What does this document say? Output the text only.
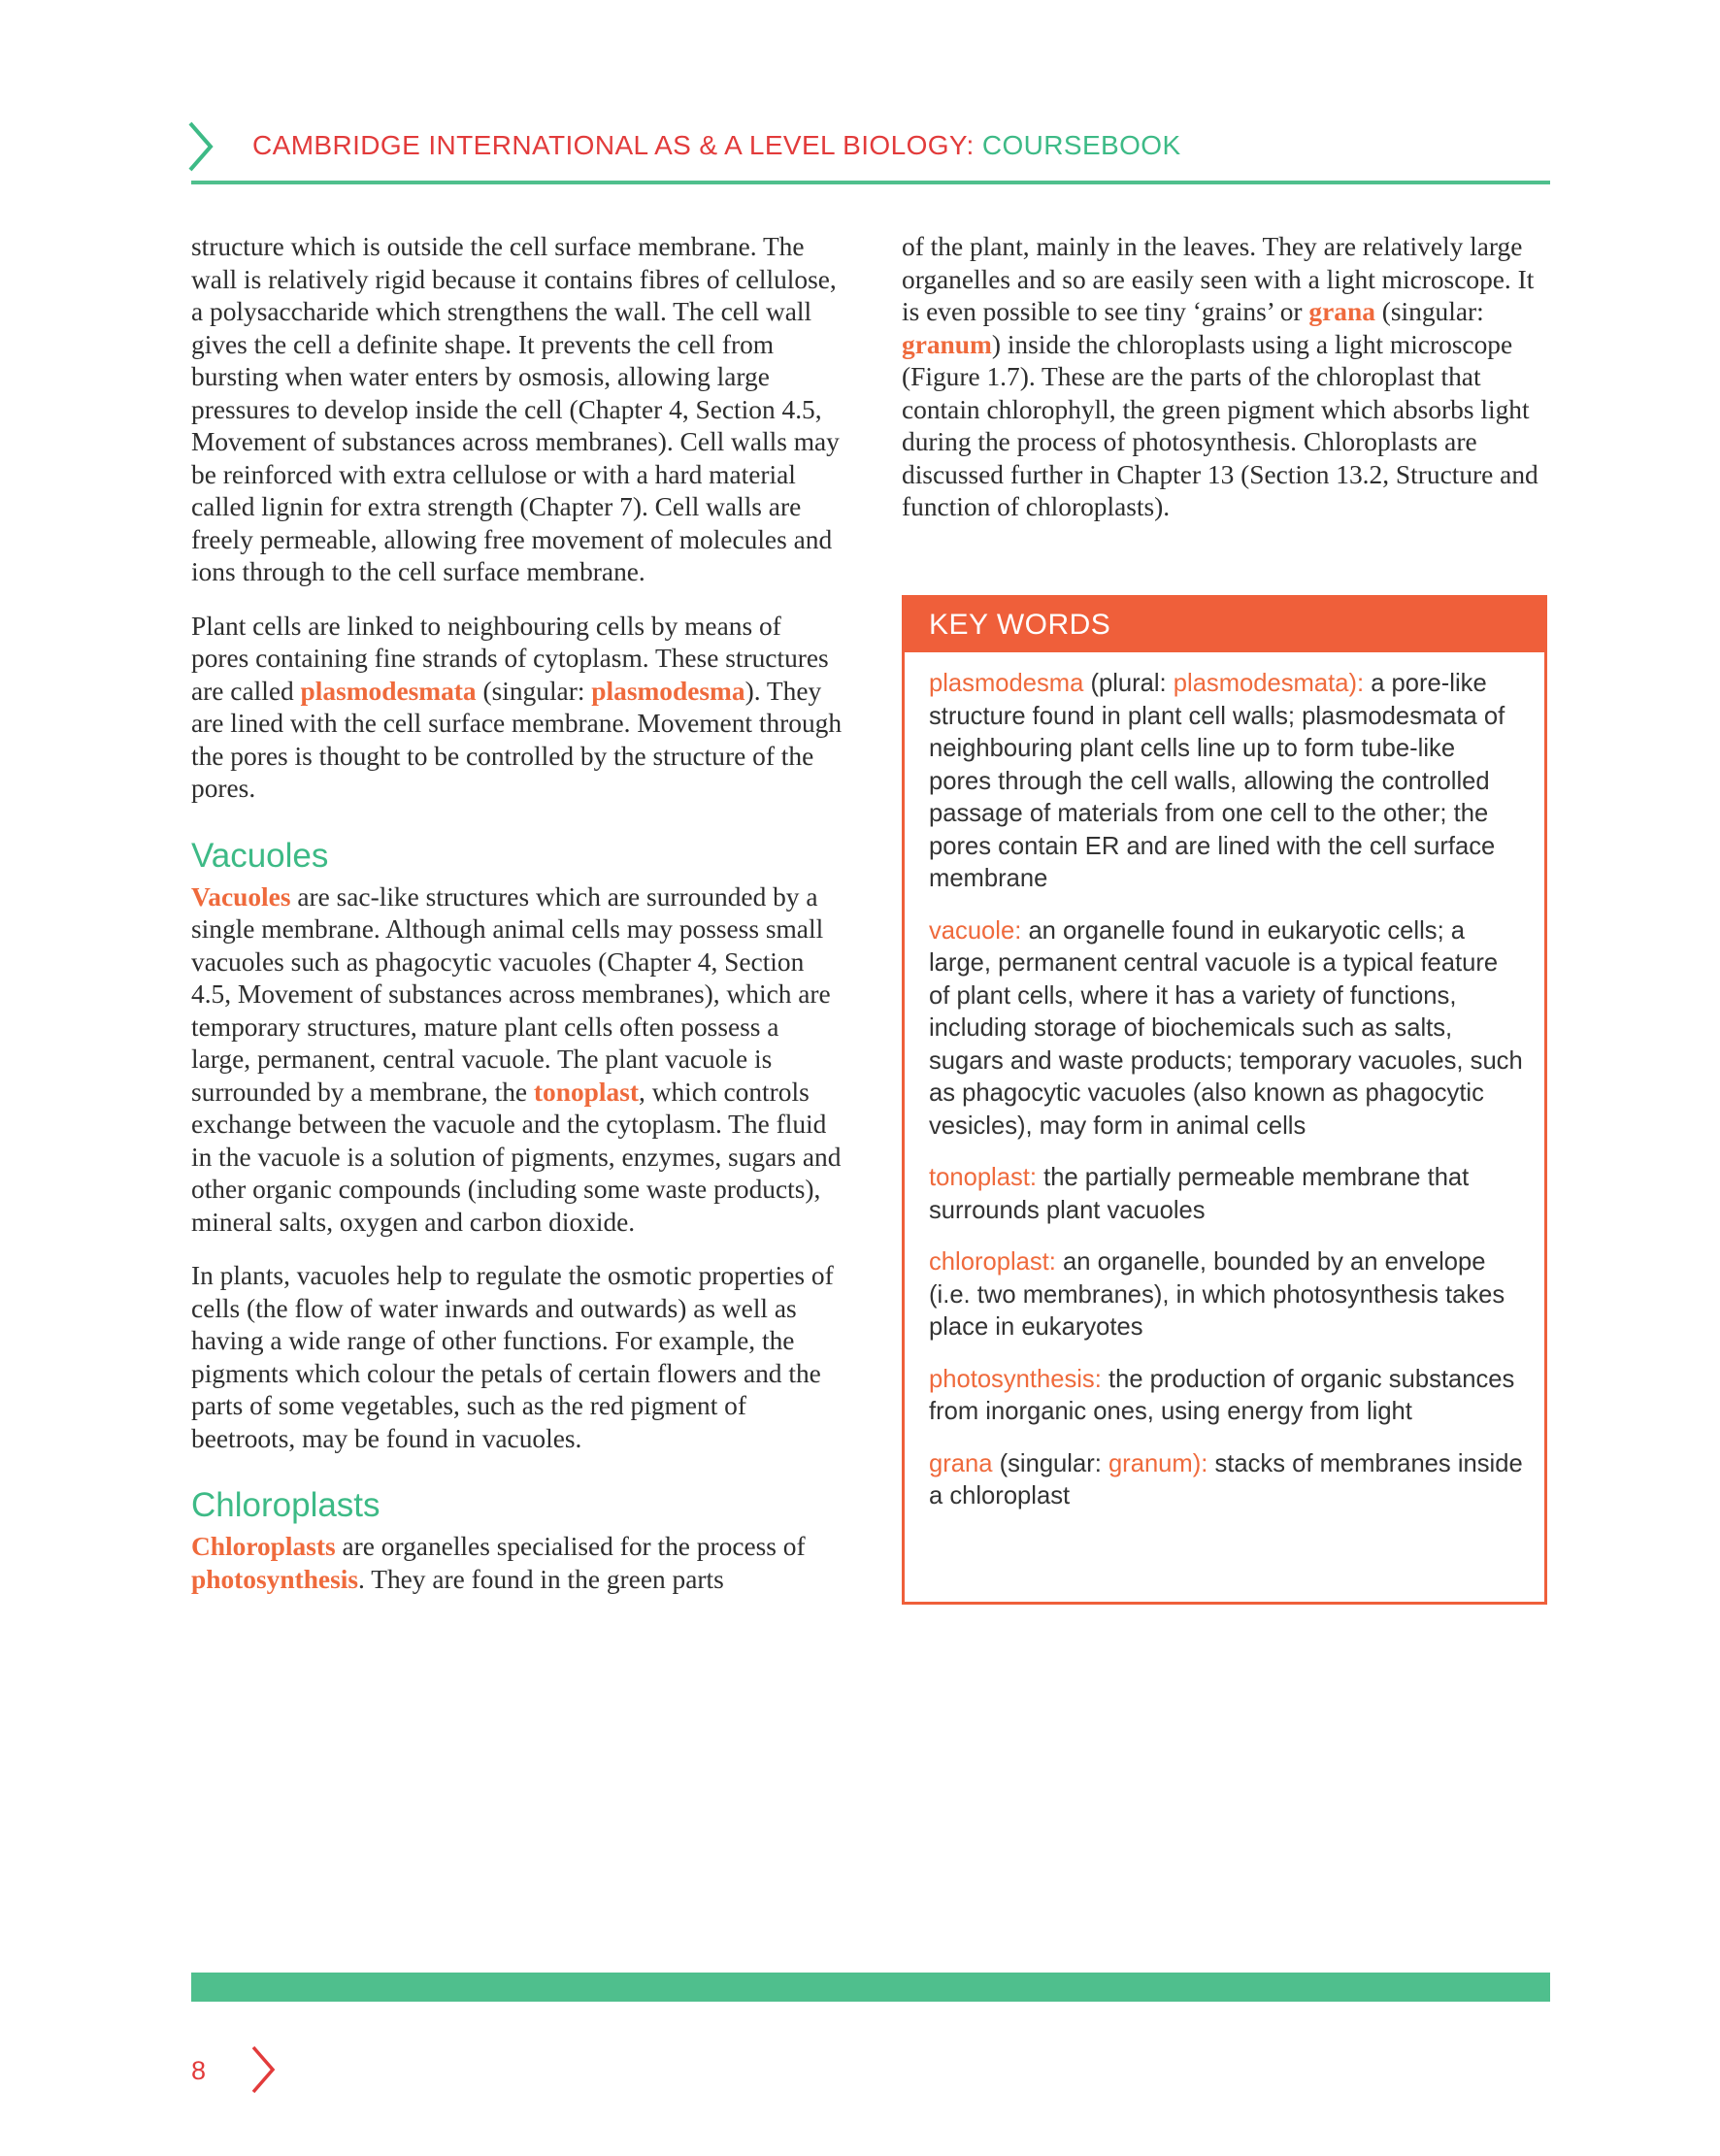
CAMBRIDGE INTERNATIONAL AS & A LEVEL BIOLOGY: COURSEBOOK

structure which is outside the cell surface membrane. The wall is relatively rigid because it contains fibres of cellulose, a polysaccharide which strengthens the wall. The cell wall gives the cell a definite shape. It prevents the cell from bursting when water enters by osmosis, allowing large pressures to develop inside the cell (Chapter 4, Section 4.5, Movement of substances across membranes). Cell walls may be reinforced with extra cellulose or with a hard material called lignin for extra strength (Chapter 7). Cell walls are freely permeable, allowing free movement of molecules and ions through to the cell surface membrane.

Plant cells are linked to neighbouring cells by means of pores containing fine strands of cytoplasm. These structures are called plasmodesmata (singular: plasmodesma). They are lined with the cell surface membrane. Movement through the pores is thought to be controlled by the structure of the pores.

Vacuoles

Vacuoles are sac-like structures which are surrounded by a single membrane. Although animal cells may possess small vacuoles such as phagocytic vacuoles (Chapter 4, Section 4.5, Movement of substances across membranes), which are temporary structures, mature plant cells often possess a large, permanent, central vacuole. The plant vacuole is surrounded by a membrane, the tonoplast, which controls exchange between the vacuole and the cytoplasm. The fluid in the vacuole is a solution of pigments, enzymes, sugars and other organic compounds (including some waste products), mineral salts, oxygen and carbon dioxide.

In plants, vacuoles help to regulate the osmotic properties of cells (the flow of water inwards and outwards) as well as having a wide range of other functions. For example, the pigments which colour the petals of certain flowers and the parts of some vegetables, such as the red pigment of beetroots, may be found in vacuoles.

Chloroplasts

Chloroplasts are organelles specialised for the process of photosynthesis. They are found in the green parts

of the plant, mainly in the leaves. They are relatively large organelles and so are easily seen with a light microscope. It is even possible to see tiny ‘grains’ or grana (singular: granum) inside the chloroplasts using a light microscope (Figure 1.7). These are the parts of the chloroplast that contain chlorophyll, the green pigment which absorbs light during the process of photosynthesis. Chloroplasts are discussed further in Chapter 13 (Section 13.2, Structure and function of chloroplasts).

KEY WORDS

plasmodesma (plural: plasmodesmata): a pore-like structure found in plant cell walls; plasmodesmata of neighbouring plant cells line up to form tube-like pores through the cell walls, allowing the controlled passage of materials from one cell to the other; the pores contain ER and are lined with the cell surface membrane

vacuole: an organelle found in eukaryotic cells; a large, permanent central vacuole is a typical feature of plant cells, where it has a variety of functions, including storage of biochemicals such as salts, sugars and waste products; temporary vacuoles, such as phagocytic vacuoles (also known as phagocytic vesicles), may form in animal cells

tonoplast: the partially permeable membrane that surrounds plant vacuoles

chloroplast: an organelle, bounded by an envelope (i.e. two membranes), in which photosynthesis takes place in eukaryotes

photosynthesis: the production of organic substances from inorganic ones, using energy from light

grana (singular: granum): stacks of membranes inside a chloroplast

8
